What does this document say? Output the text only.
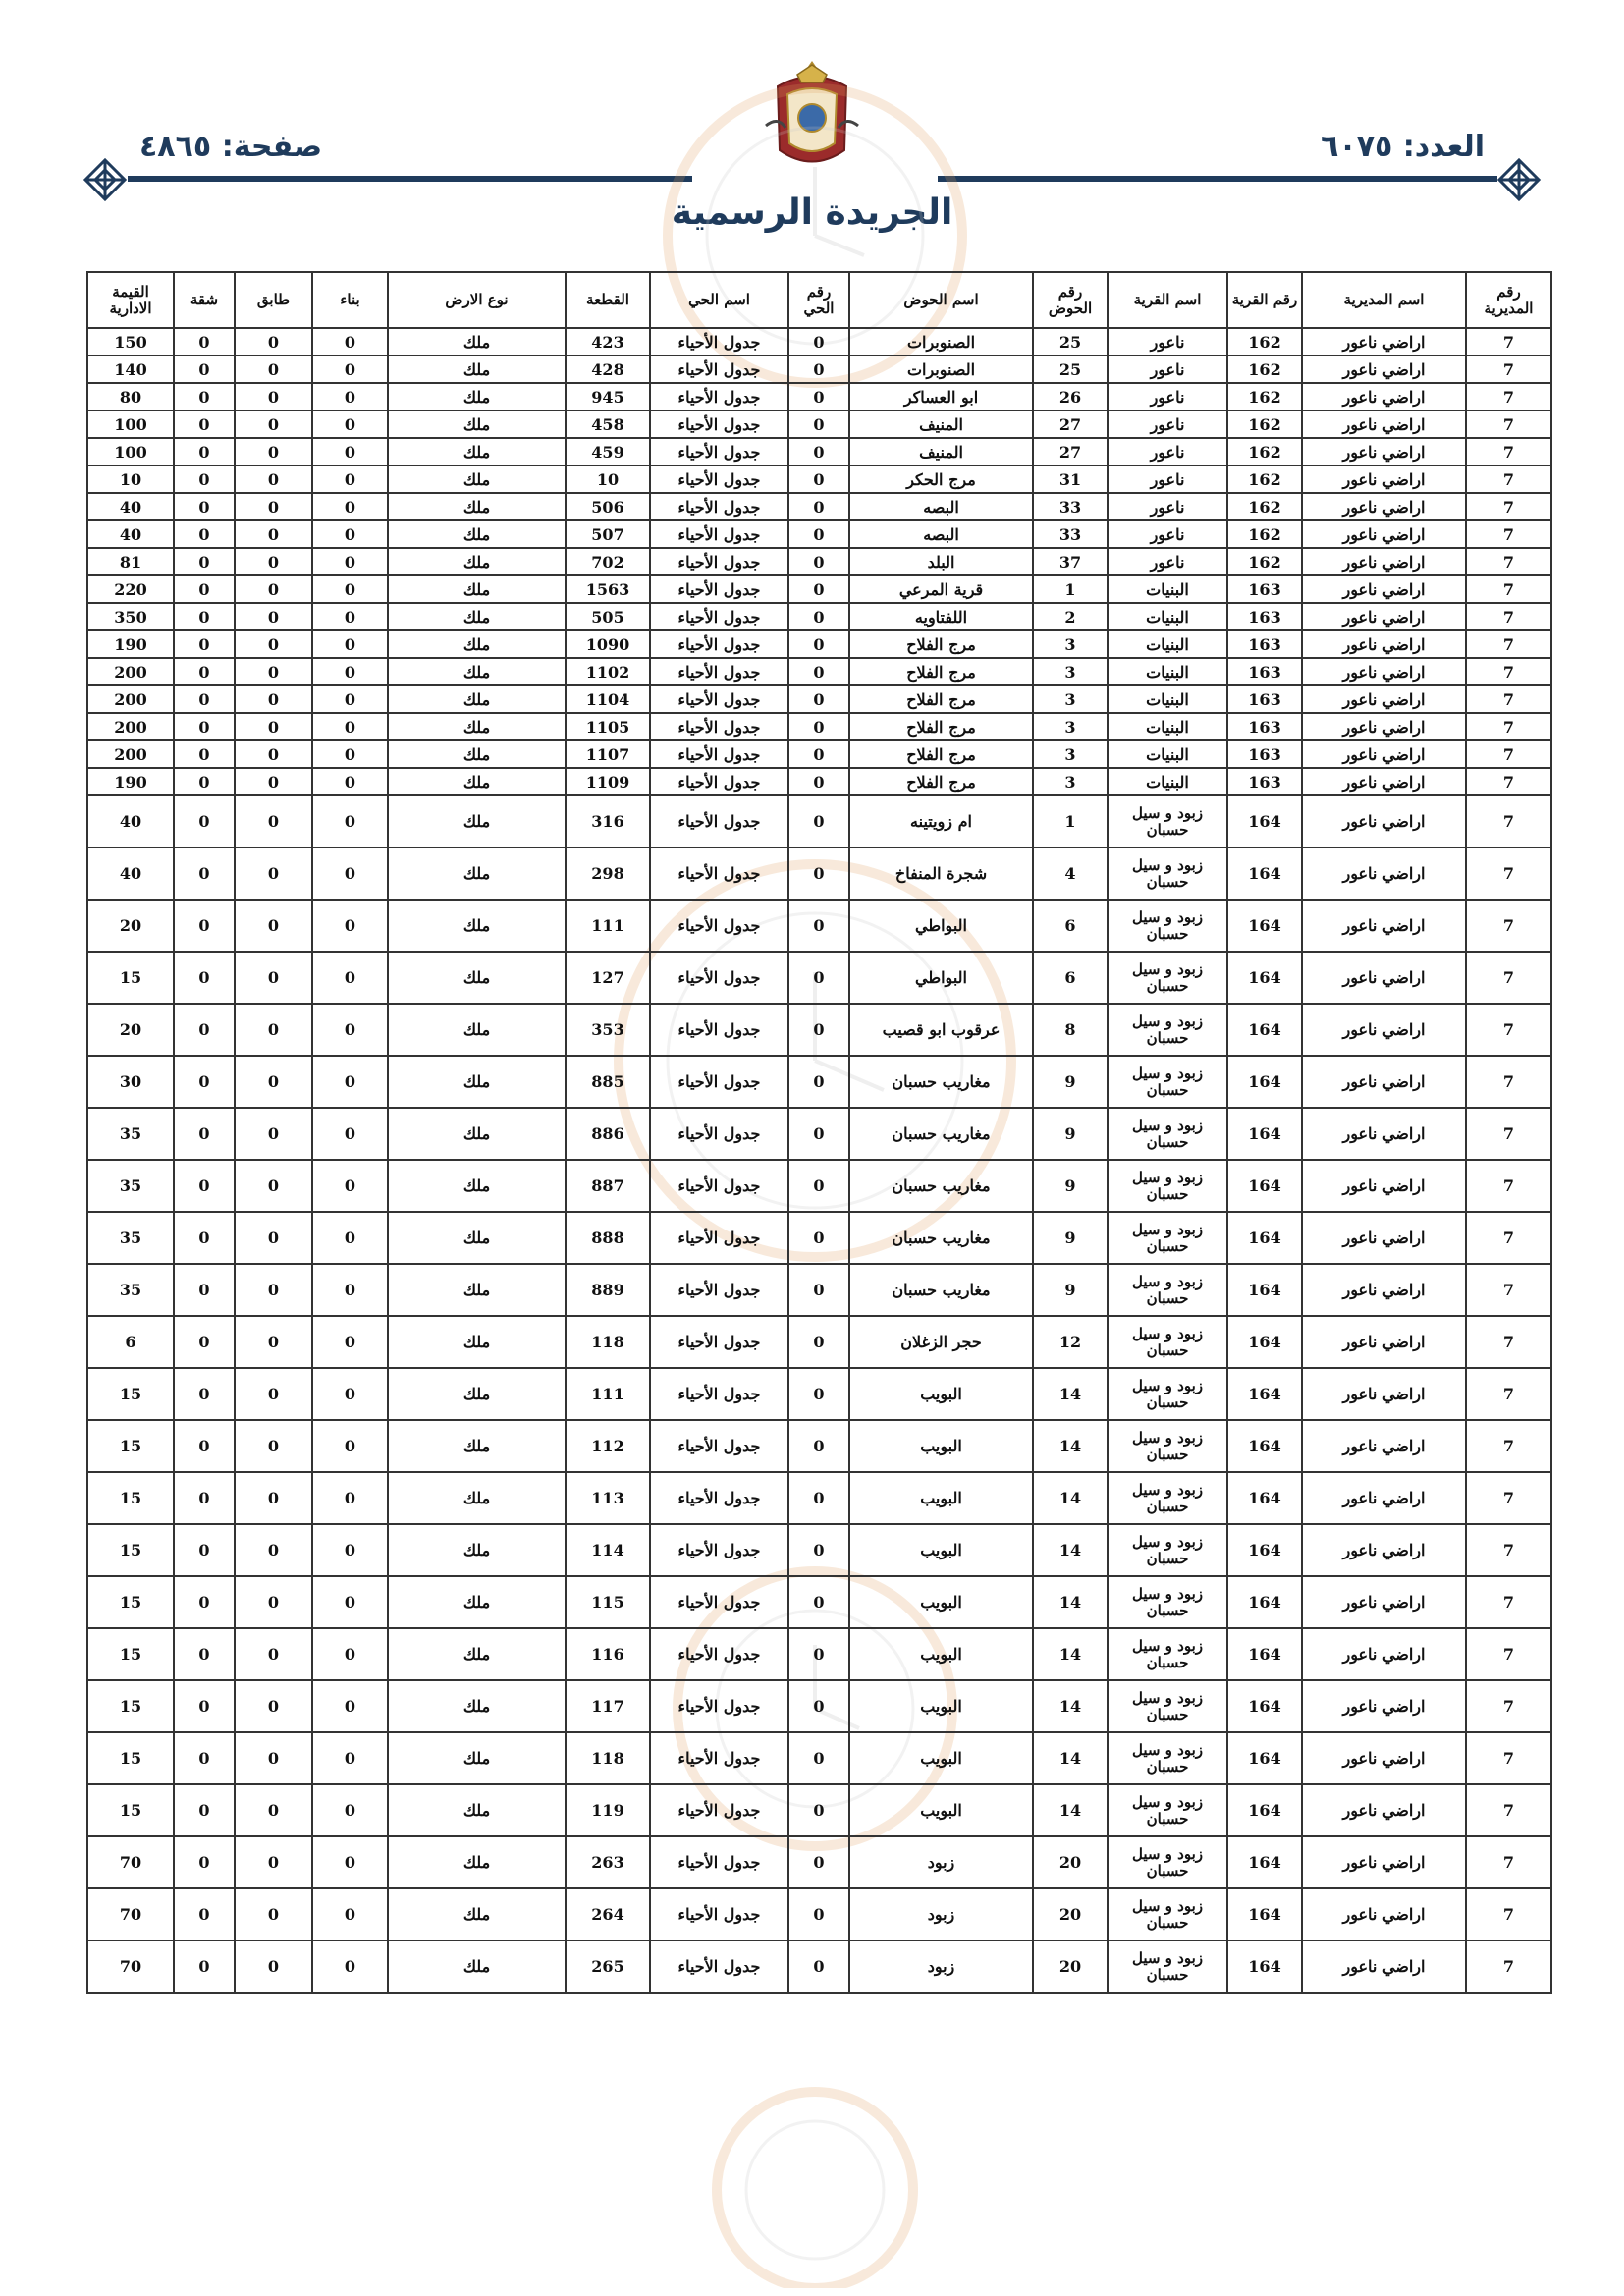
صفحة: ٤٨٦٥	العدد: ٦٠٧٥
الجريدة الرسمية
رقم المديرية	اسم المديرية	رقم القرية	اسم القرية	رقم الحوض	اسم الحوض	رقم الحي	اسم الحي	القطعة	نوع الارض	بناء	طابق	شقة	القيمة الادارية
7	اراضي ناعور	162	ناعور	25	الصنوبرات	0	جدول الأحياء	423	ملك	0	0	0	150
7	اراضي ناعور	162	ناعور	25	الصنوبرات	0	جدول الأحياء	428	ملك	0	0	0	140
7	اراضي ناعور	162	ناعور	26	ابو العساكر	0	جدول الأحياء	945	ملك	0	0	0	80
7	اراضي ناعور	162	ناعور	27	المنيف	0	جدول الأحياء	458	ملك	0	0	0	100
7	اراضي ناعور	162	ناعور	27	المنيف	0	جدول الأحياء	459	ملك	0	0	0	100
7	اراضي ناعور	162	ناعور	31	مرج الحكر	0	جدول الأحياء	10	ملك	0	0	0	10
7	اراضي ناعور	162	ناعور	33	البصه	0	جدول الأحياء	506	ملك	0	0	0	40
7	اراضي ناعور	162	ناعور	33	البصه	0	جدول الأحياء	507	ملك	0	0	0	40
7	اراضي ناعور	162	ناعور	37	البلد	0	جدول الأحياء	702	ملك	0	0	0	81
7	اراضي ناعور	163	البنيات	1	قرية المرعي	0	جدول الأحياء	1563	ملك	0	0	0	220
7	اراضي ناعور	163	البنيات	2	اللفتاويه	0	جدول الأحياء	505	ملك	0	0	0	350
7	اراضي ناعور	163	البنيات	3	مرج الفلاح	0	جدول الأحياء	1090	ملك	0	0	0	190
7	اراضي ناعور	163	البنيات	3	مرج الفلاح	0	جدول الأحياء	1102	ملك	0	0	0	200
7	اراضي ناعور	163	البنيات	3	مرج الفلاح	0	جدول الأحياء	1104	ملك	0	0	0	200
7	اراضي ناعور	163	البنيات	3	مرج الفلاح	0	جدول الأحياء	1105	ملك	0	0	0	200
7	اراضي ناعور	163	البنيات	3	مرج الفلاح	0	جدول الأحياء	1107	ملك	0	0	0	200
7	اراضي ناعور	163	البنيات	3	مرج الفلاح	0	جدول الأحياء	1109	ملك	0	0	0	190
7	اراضي ناعور	164	زبود و سيل حسبان	1	ام زويتينه	0	جدول الأحياء	316	ملك	0	0	0	40
7	اراضي ناعور	164	زبود و سيل حسبان	4	شجرة المنفاخ	0	جدول الأحياء	298	ملك	0	0	0	40
7	اراضي ناعور	164	زبود و سيل حسبان	6	البواطي	0	جدول الأحياء	111	ملك	0	0	0	20
7	اراضي ناعور	164	زبود و سيل حسبان	6	البواطي	0	جدول الأحياء	127	ملك	0	0	0	15
7	اراضي ناعور	164	زبود و سيل حسبان	8	عرقوب ابو قصيب	0	جدول الأحياء	353	ملك	0	0	0	20
7	اراضي ناعور	164	زبود و سيل حسبان	9	مغاريب حسبان	0	جدول الأحياء	885	ملك	0	0	0	30
7	اراضي ناعور	164	زبود و سيل حسبان	9	مغاريب حسبان	0	جدول الأحياء	886	ملك	0	0	0	35
7	اراضي ناعور	164	زبود و سيل حسبان	9	مغاريب حسبان	0	جدول الأحياء	887	ملك	0	0	0	35
7	اراضي ناعور	164	زبود و سيل حسبان	9	مغاريب حسبان	0	جدول الأحياء	888	ملك	0	0	0	35
7	اراضي ناعور	164	زبود و سيل حسبان	9	مغاريب حسبان	0	جدول الأحياء	889	ملك	0	0	0	35
7	اراضي ناعور	164	زبود و سيل حسبان	12	حجر الزغلان	0	جدول الأحياء	118	ملك	0	0	0	6
7	اراضي ناعور	164	زبود و سيل حسبان	14	البويب	0	جدول الأحياء	111	ملك	0	0	0	15
7	اراضي ناعور	164	زبود و سيل حسبان	14	البويب	0	جدول الأحياء	112	ملك	0	0	0	15
7	اراضي ناعور	164	زبود و سيل حسبان	14	البويب	0	جدول الأحياء	113	ملك	0	0	0	15
7	اراضي ناعور	164	زبود و سيل حسبان	14	البويب	0	جدول الأحياء	114	ملك	0	0	0	15
7	اراضي ناعور	164	زبود و سيل حسبان	14	البويب	0	جدول الأحياء	115	ملك	0	0	0	15
7	اراضي ناعور	164	زبود و سيل حسبان	14	البويب	0	جدول الأحياء	116	ملك	0	0	0	15
7	اراضي ناعور	164	زبود و سيل حسبان	14	البويب	0	جدول الأحياء	117	ملك	0	0	0	15
7	اراضي ناعور	164	زبود و سيل حسبان	14	البويب	0	جدول الأحياء	118	ملك	0	0	0	15
7	اراضي ناعور	164	زبود و سيل حسبان	14	البويب	0	جدول الأحياء	119	ملك	0	0	0	15
7	اراضي ناعور	164	زبود و سيل حسبان	20	زبود	0	جدول الأحياء	263	ملك	0	0	0	70
7	اراضي ناعور	164	زبود و سيل حسبان	20	زبود	0	جدول الأحياء	264	ملك	0	0	0	70
7	اراضي ناعور	164	زبود و سيل حسبان	20	زبود	0	جدول الأحياء	265	ملك	0	0	0	70
